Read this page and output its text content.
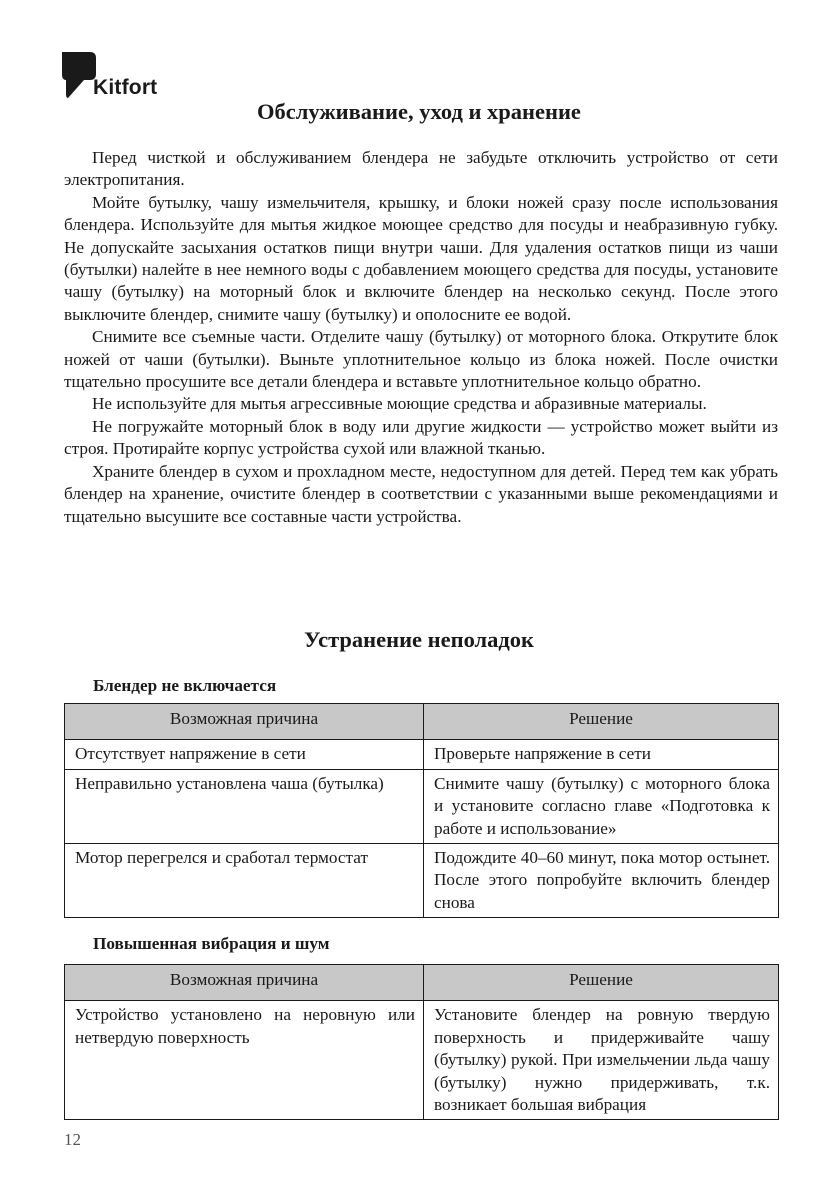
Kitfort
Обслуживание, уход и хранение

Перед чисткой и обслуживанием блендера не забудьте отключить устройство от сети электропитания.

Мойте бутылку, чашу измельчителя, крышку, и блоки ножей сразу после использования блендера. Используйте для мытья жидкое моющее средство для посуды и неабразивную губку. Не допускайте засыхания остатков пищи внутри чаши. Для удаления остатков пищи из чаши (бутылки) налейте в нее немного воды с добавлением моющего средства для посуды, установите чашу (бутылку) на моторный блок и включите блендер на несколько секунд. После этого выключите блендер, снимите чашу (бутылку) и ополосните ее водой.

Снимите все съемные части. Отделите чашу (бутылку) от моторного блока. Открутите блок ножей от чаши (бутылки). Выньте уплотнительное кольцо из блока ножей. После очистки тщательно просушите все детали блендера и вставьте уплотнительное кольцо обратно.

Не используйте для мытья агрессивные моющие средства и абразивные материалы.

Не погружайте моторный блок в воду или другие жидкости — устройство может выйти из строя. Протирайте корпус устройства сухой или влажной тканью.

Храните блендер в сухом и прохладном месте, недоступном для детей. Перед тем как убрать блендер на хранение, очистите блендер в соответствии с указанными выше рекомендациями и тщательно высушите все составные части устройства.

Устранение неполадок
Блендер не включается
Возможная причина	Решение
Отсутствует напряжение в сети	Проверьте напряжение в сети
Неправильно установлена чаша (бутылка)	Снимите чашу (бутылку) с моторного блока и установите согласно главе «Подготовка к работе и использование»
Мотор перегрелся и сработал термостат	Подождите 40–60 минут, пока мотор остынет. После этого попробуйте включить блендер снова
Повышенная вибрация и шум
Возможная причина	Решение
Устройство установлено на неровную или нетвердую поверхность	Установите блендер на ровную твердую поверхность и придерживайте чашу (бутылку) рукой. При измельчении льда чашу (бутылку) нужно придерживать, т.к. возникает большая вибрация
12
